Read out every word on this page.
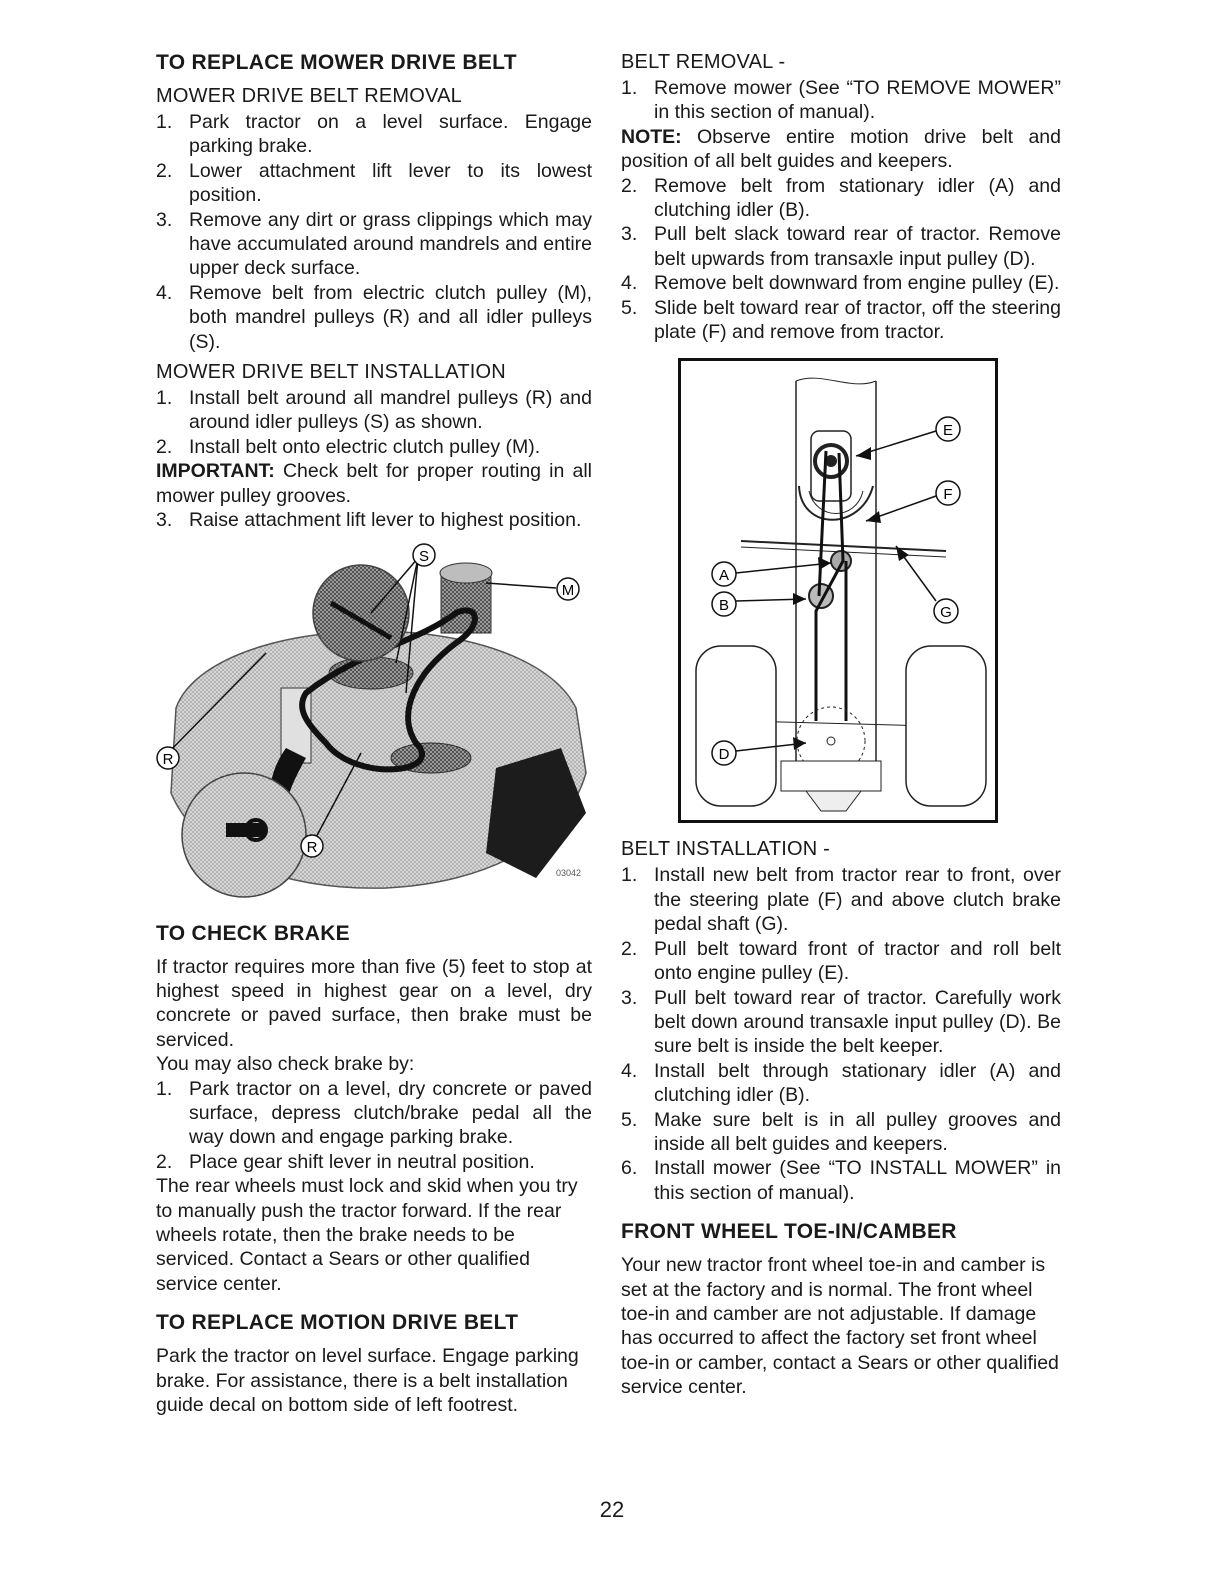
TO REPLACE MOWER DRIVE BELT
MOWER DRIVE BELT REMOVAL
1. Park tractor on a level surface. Engage parking brake.
2. Lower attachment lift lever to its lowest position.
3. Remove any dirt or grass clippings which may have accumulated around mandrels and entire upper deck surface.
4. Remove belt from electric clutch pulley (M), both mandrel pulleys (R) and all idler pulleys (S).
MOWER DRIVE BELT INSTALLATION
1. Install belt around all mandrel pulleys (R) and around idler pulleys (S) as shown.
2. Install belt onto electric clutch pulley (M).

IMPORTANT: Check belt for proper routing in all mower pulley grooves.

3. Raise attachment lift lever to highest position.
S
M
R
R
03042
TO CHECK BRAKE

If tractor requires more than five (5) feet to stop at highest speed in highest gear on a level, dry concrete or paved surface, then brake must be serviced.

You may also check brake by:

1. Park tractor on a level, dry concrete or paved surface, depress clutch/brake pedal all the way down and engage parking brake.
2. Place gear shift lever in neutral position.

The rear wheels must lock and skid when you try to manually push the tractor forward. If the rear wheels rotate, then the brake needs to be serviced. Contact a Sears or other qualified service center.

TO REPLACE MOTION DRIVE BELT

Park the tractor on level surface. Engage parking brake. For assistance, there is a belt installation guide decal on bottom side of left footrest.

BELT REMOVAL -
1. Remove mower (See “TO REMOVE MOWER” in this section of manual).

NOTE: Observe entire motion drive belt and position of all belt guides and keepers.

2. Remove belt from stationary idler (A) and clutching idler (B).
3. Pull belt slack toward rear of tractor. Remove belt upwards from transaxle input pulley (D).
4. Remove belt downward from engine pulley (E).
5. Slide belt toward rear of tractor, off the steering plate (F) and remove from tractor.
E
F
G
A
B
D
BELT INSTALLATION -
1. Install new belt from tractor rear to front, over the steering plate (F) and above clutch brake pedal shaft (G).
2. Pull belt toward front of tractor and roll belt onto engine pulley (E).
3. Pull belt toward rear of tractor. Carefully work belt down around transaxle input pulley (D). Be sure belt is inside the belt keeper.
4. Install belt through stationary idler (A) and clutching idler (B).
5. Make sure belt is in all pulley grooves and inside all belt guides and keepers.
6. Install mower (See “TO INSTALL MOWER” in this section of manual).
FRONT WHEEL TOE-IN/CAMBER

Your new tractor front wheel toe-in and camber is set at the factory and is normal. The front wheel toe-in and camber are not adjustable. If damage has occurred to affect the factory set front wheel toe-in or camber, contact a Sears or other qualified service center.

22
